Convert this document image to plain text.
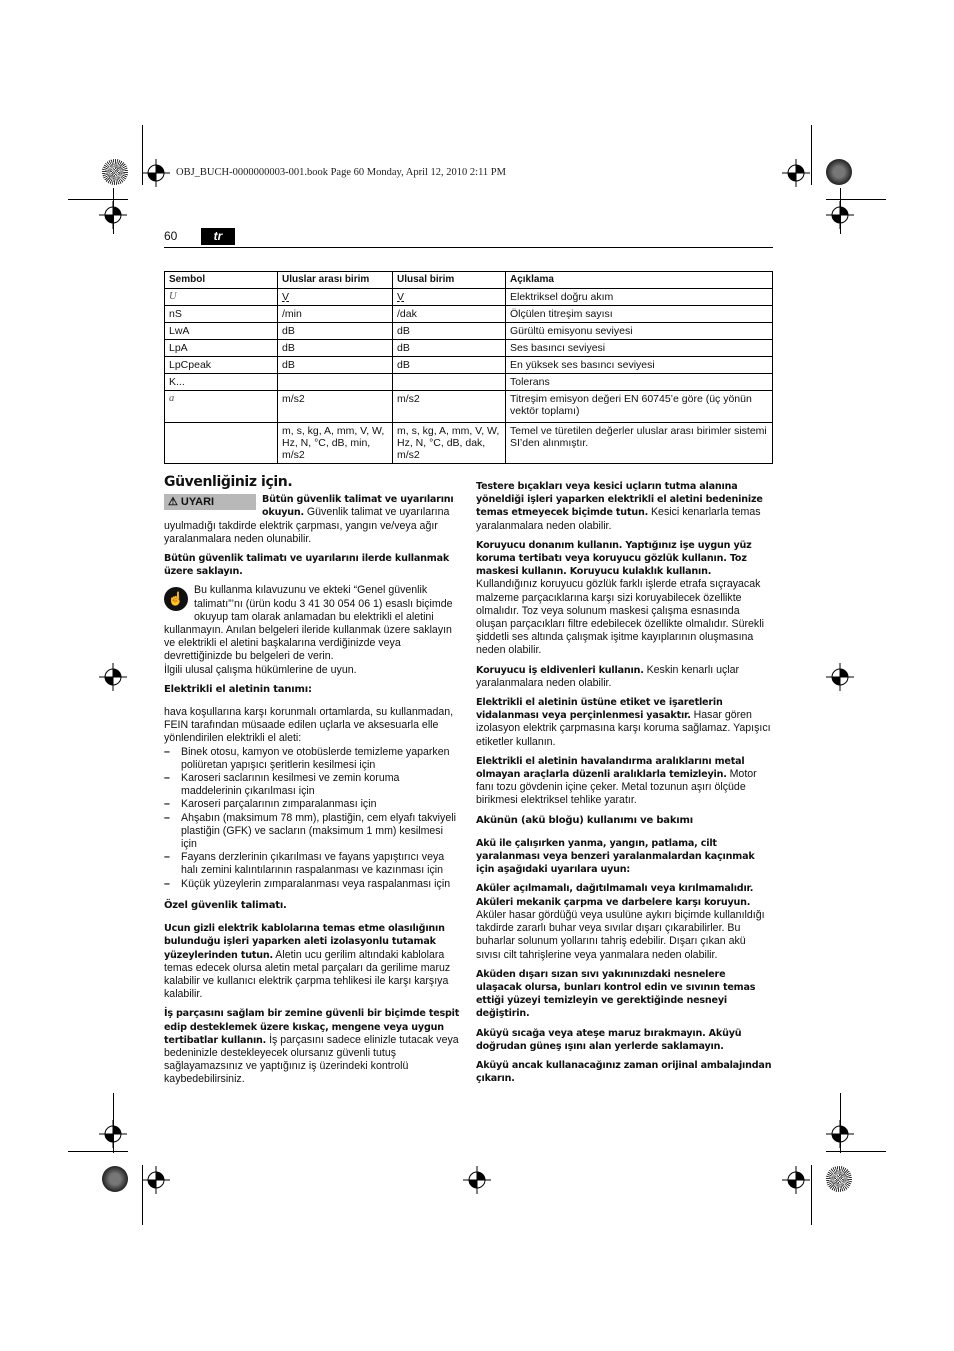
OBJ_BUCH-0000000003-001.book Page 60 Monday, April 12, 2010 2:11 PM
60	tr
Sembol	Uluslar arası birim	Ulusal birim	Açıklama
U	V	V	Elektriksel doğru akım
nS	/min	/dak	Ölçülen titreşim sayısı
LwA	dB	dB	Gürültü emisyonu seviyesi
LpA	dB	dB	Ses basıncı seviyesi
LpCpeak	dB	dB	En yüksek ses basıncı seviyesi
K...			Tolerans
a	m/s2	m/s2	Titreşim emisyon değeri EN 60745’e göre (üç yönün vektör toplamı)
	m, s, kg, A, mm, V, W, Hz, N, °C, dB, min, m/s2	m, s, kg, A, mm, V, W, Hz, N, °C, dB, dak, m/s2	Temel ve türetilen değerler uluslar arası birimler sistemi SI’den alınmıştır.
Güvenliğiniz için.

⚠ UYARI	Bütün güvenlik talimat ve uyarılarını okuyun. Güvenlik talimat ve uyarılarına uyulmadığı takdirde elektrik çarpması, yangın ve/veya ağır yaralanmalara neden olunabilir.

Bütün güvenlik talimatı ve uyarılarını ilerde kullanmak üzere saklayın.

☝
Bu kullanma kılavuzunu ve ekteki “Genel güvenlik talimatı”’nı (ürün kodu 3 41 30 054 06 1) esaslı biçimde okuyup tam olarak anlamadan bu elektrikli el aletini kullanmayın. Anılan belgeleri ileride kullanmak üzere saklayın ve elektrikli el aletini başkalarına verdiğinizde veya devrettiğinizde bu belgeleri de verin.

İlgili ulusal çalışma hükümlerine de uyun.

Elektrikli el aletinin tanımı:

hava koşullarına karşı korunmalı ortamlarda, su kullanmadan, FEIN tarafından müsaade edilen uçlarla ve aksesuarla elle yönlendirilen elektrikli el aleti:

– Binek otosu, kamyon ve otobüslerde temizleme yaparken poliüretan yapışıcı şeritlerin kesilmesi için
– Karoseri saclarının kesilmesi ve zemin koruma maddelerinin çıkarılması için
– Karoseri parçalarının zımparalanması için
– Ahşabın (maksimum 78 mm), plastiğin, cem elyafı takviyeli plastiğin (GFK) ve sacların (maksimum 1 mm) kesilmesi için
– Fayans derzlerinin çıkarılması ve fayans yapıştırıcı veya halı zemini kalıntılarının raspalanması ve kazınması için
– Küçük yüzeylerin zımparalanması veya raspalanması için
Özel güvenlik talimatı.

Ucun gizli elektrik kablolarına temas etme olasılığının bulunduğu işleri yaparken aleti izolasyonlu tutamak yüzeylerinden tutun. Aletin ucu gerilim altındaki kablolara temas edecek olursa aletin metal parçaları da gerilime maruz kalabilir ve kullanıcı elektrik çarpma tehlikesi ile karşı karşıya kalabilir.

İş parçasını sağlam bir zemine güvenli bir biçimde tespit edip desteklemek üzere kıskaç, mengene veya uygun tertibatlar kullanın. İş parçasını sadece elinizle tutacak veya bedeninizle destekleyecek olursanız güvenli tutuş sağlayamazsınız ve yaptığınız iş üzerindeki kontrolü kaybedebilirsiniz.

Testere bıçakları veya kesici uçların tutma alanına yöneldiği işleri yaparken elektrikli el aletini bedeninize temas etmeyecek biçimde tutun. Kesici kenarlarla temas yaralanmalara neden olabilir.

Koruyucu donanım kullanın. Yaptığınız işe uygun yüz koruma tertibatı veya koruyucu gözlük kullanın. Toz maskesi kullanın. Koruyucu kulaklık kullanın. Kullandığınız koruyucu gözlük farklı işlerde etrafa sıçrayacak malzeme parçacıklarına karşı sizi koruyabilecek özellikte olmalıdır. Toz veya solunum maskesi çalışma esnasında oluşan parçacıkları filtre edebilecek özellikte olmalıdır. Sürekli şiddetli ses altında çalışmak işitme kayıplarının oluşmasına neden olabilir.

Koruyucu iş eldivenleri kullanın. Keskin kenarlı uçlar yaralanmalara neden olabilir.

Elektrikli el aletinin üstüne etiket ve işaretlerin vidalanması veya perçinlenmesi yasaktır. Hasar gören izolasyon elektrik çarpmasına karşı koruma sağlamaz. Yapışıcı etiketler kullanın.

Elektrikli el aletinin havalandırma aralıklarını metal olmayan araçlarla düzenli aralıklarla temizleyin. Motor fanı tozu gövdenin içine çeker. Metal tozunun aşırı ölçüde birikmesi elektriksel tehlike yaratır.

Akünün (akü bloğu) kullanımı ve bakımı

Akü ile çalışırken yanma, yangın, patlama, cilt yaralanması veya benzeri yaralanmalardan kaçınmak için aşağıdaki uyarılara uyun:

Aküler açılmamalı, dağıtılmamalı veya kırılmamalıdır. Aküleri mekanik çarpma ve darbelere karşı koruyun. Aküler hasar gördüğü veya usulüne aykırı biçimde kullanıldığı takdirde zararlı buhar veya sıvılar dışarı çıkarabilirler. Bu buharlar solunum yollarını tahriş edebilir. Dışarı çıkan akü sıvısı cilt tahrişlerine veya yanmalara neden olabilir.

Aküden dışarı sızan sıvı yakınınızdaki nesnelere ulaşacak olursa, bunları kontrol edin ve sıvının temas ettiği yüzeyi temizleyin ve gerektiğinde nesneyi değiştirin.

Aküyü sıcağa veya ateşe maruz bırakmayın. Aküyü doğrudan güneş ışını alan yerlerde saklamayın.

Aküyü ancak kullanacağınız zaman orijinal ambalajından çıkarın.
